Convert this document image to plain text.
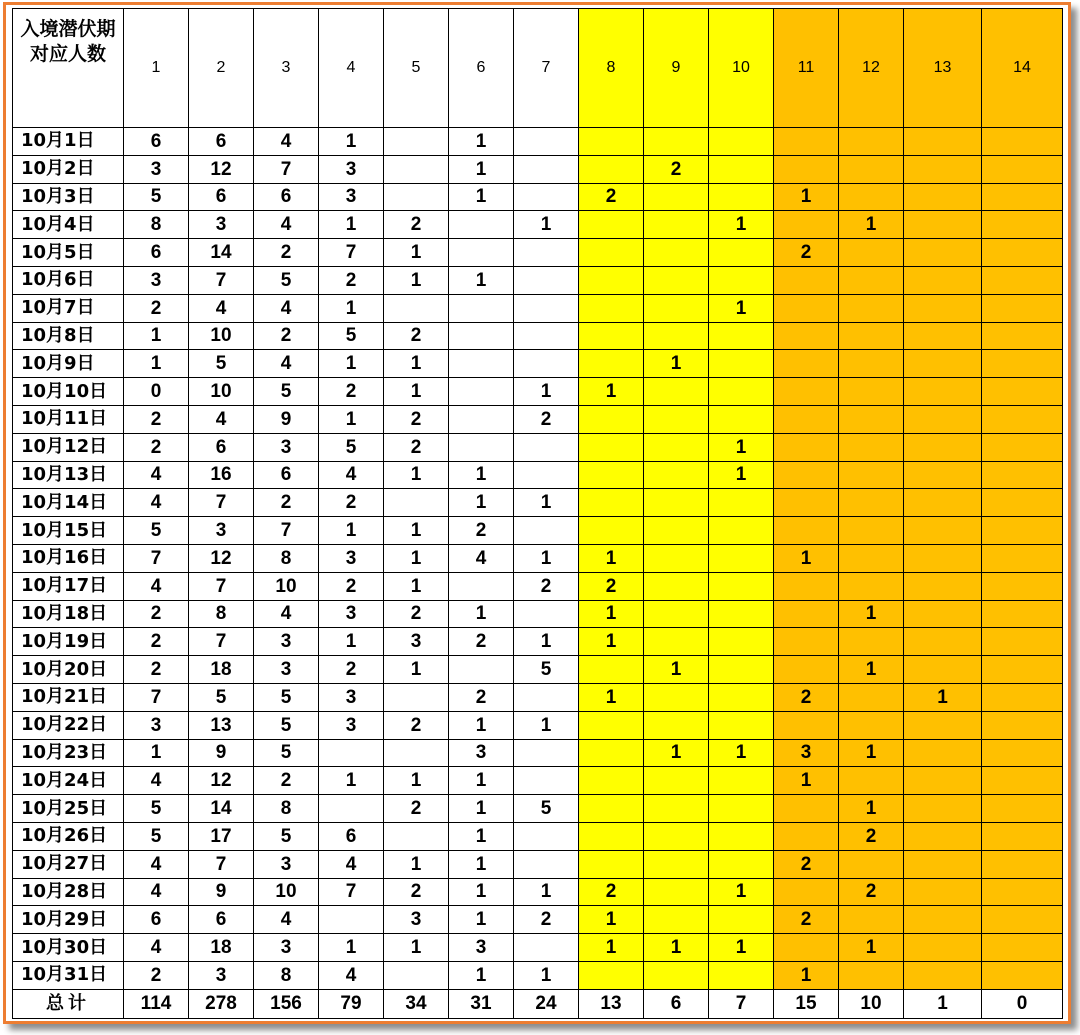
入境潜伏期对应人数	1	2	3	4	5	6	7	8	9	10	11	12	13	14
10月1日	6	6	4	1		1								
10月2日	3	12	7	3		1			2					
10月3日	5	6	6	3		1		2			1			
10月4日	8	3	4	1	2		1			1		1		
10月5日	6	14	2	7	1						2			
10月6日	3	7	5	2	1	1								
10月7日	2	4	4	1						1				
10月8日	1	10	2	5	2									
10月9日	1	5	4	1	1				1					
10月10日	0	10	5	2	1		1	1						
10月11日	2	4	9	1	2		2							
10月12日	2	6	3	5	2					1				
10月13日	4	16	6	4	1	1				1				
10月14日	4	7	2	2		1	1							
10月15日	5	3	7	1	1	2								
10月16日	7	12	8	3	1	4	1	1			1			
10月17日	4	7	10	2	1		2	2						
10月18日	2	8	4	3	2	1		1				1		
10月19日	2	7	3	1	3	2	1	1						
10月20日	2	18	3	2	1		5		1			1		
10月21日	7	5	5	3		2		1			2		1	
10月22日	3	13	5	3	2	1	1							
10月23日	1	9	5			3			1	1	3	1		
10月24日	4	12	2	1	1	1					1			
10月25日	5	14	8		2	1	5					1		
10月26日	5	17	5	6		1						2		
10月27日	4	7	3	4	1	1					2			
10月28日	4	9	10	7	2	1	1	2		1		2		
10月29日	6	6	4		3	1	2	1			2			
10月30日	4	18	3	1	1	3		1	1	1		1		
10月31日	2	3	8	4		1	1				1			
总计	114	278	156	79	34	31	24	13	6	7	15	10	1	0
